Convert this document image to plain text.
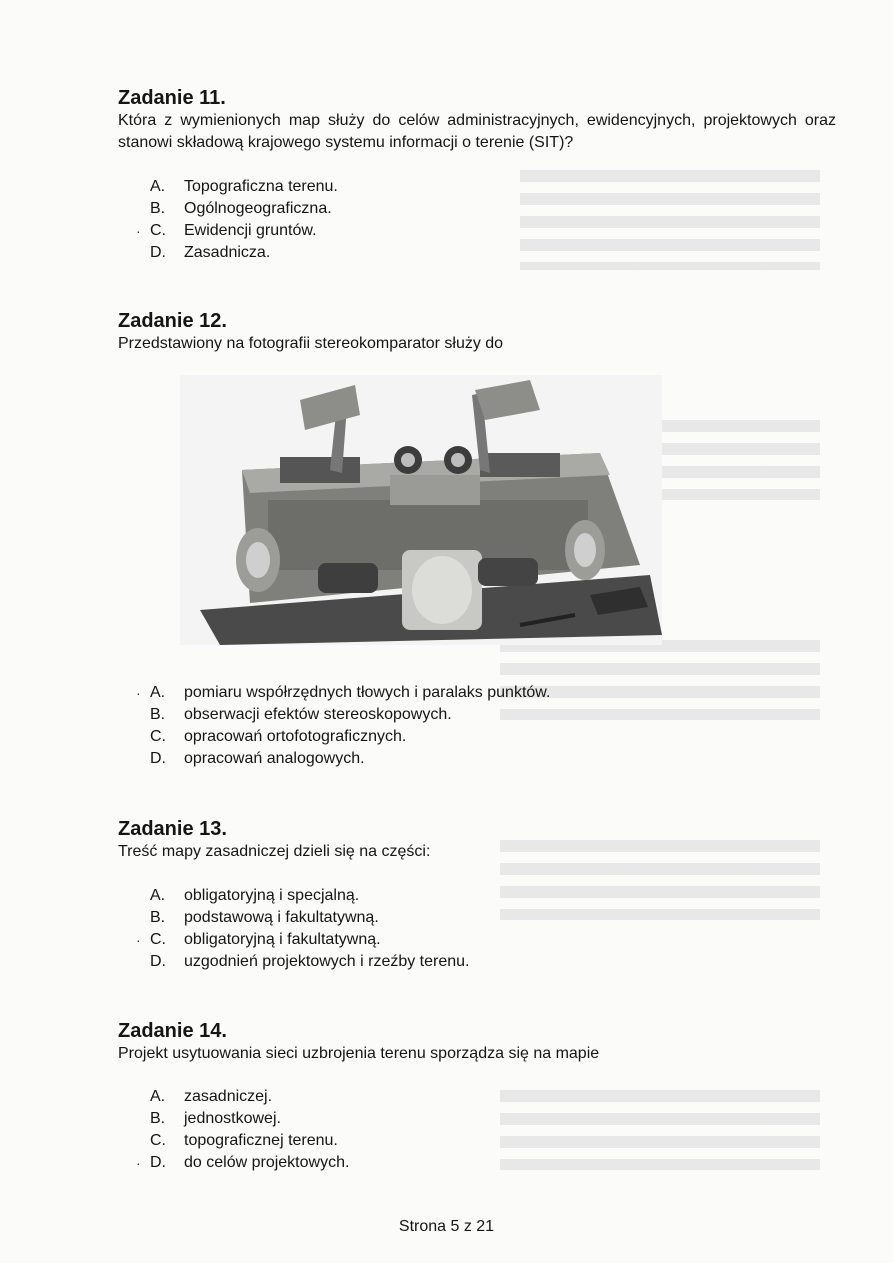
Zadanie 11.
Która z wymienionych map służy do celów administracyjnych, ewidencyjnych, projektowych oraz stanowi składową krajowego systemu informacji o terenie (SIT)?
A. Topograficzna terenu.
B. Ogólnogeograficzna.
· C. Ewidencji gruntów.
D. Zasadnicza.
Zadanie 12.
Przedstawiony na fotografii stereokomparator służy do
· A. pomiaru współrzędnych tłowych i paralaks punktów.
B. obserwacji efektów stereoskopowych.
C. opracowań ortofotograficznych.
D. opracowań analogowych.
Zadanie 13.
Treść mapy zasadniczej dzieli się na części:
A. obligatoryjną i specjalną.
B. podstawową i fakultatywną.
· C. obligatoryjną i fakultatywną.
D. uzgodnień projektowych i rzeźby terenu.
Zadanie 14.
Projekt usytuowania sieci uzbrojenia terenu sporządza się na mapie
A. zasadniczej.
B. jednostkowej.
C. topograficznej terenu.
· D. do celów projektowych.
Strona 5 z 21
